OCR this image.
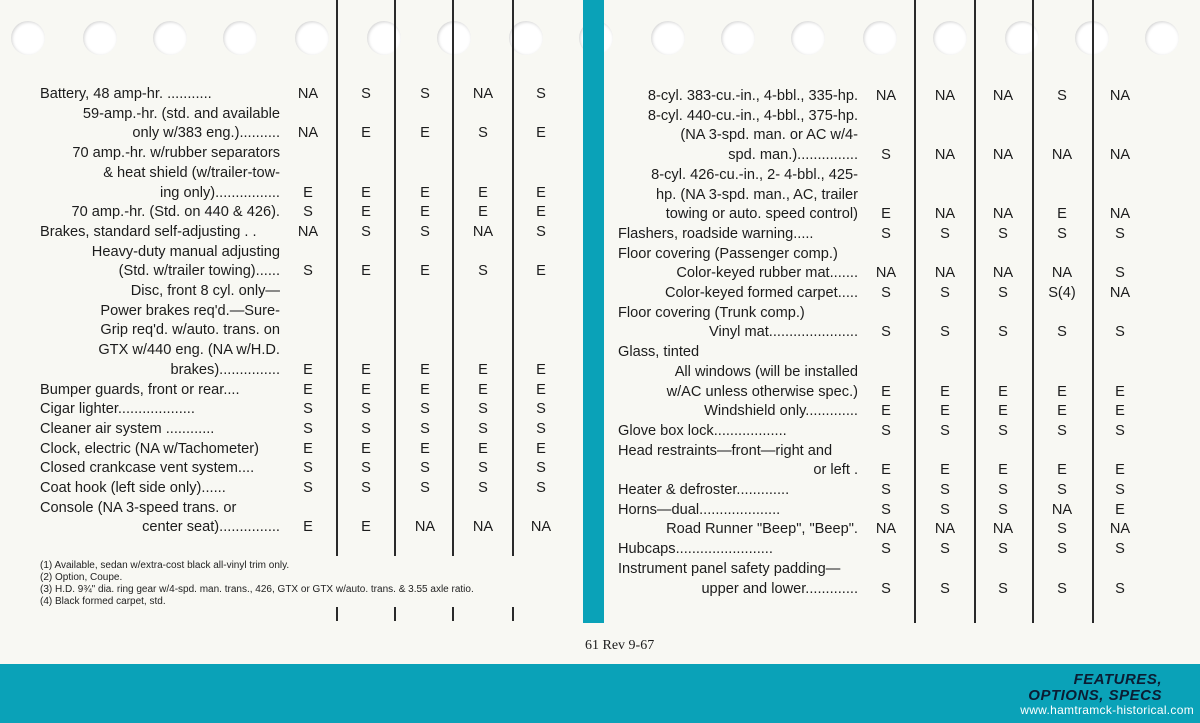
Battery, 48 amp-hr. ...........	NA	S	S	NA	S
59-amp.-hr. (std. and available
only w/383 eng.)..........	NA	E	E	S	E
70 amp.-hr. w/rubber separators
& heat shield (w/trailer-tow-
ing only)................	E	E	E	E	E
70 amp.-hr. (Std. on 440 & 426).	S	E	E	E	E
Brakes, standard self-adjusting . .	NA	S	S	NA	S
Heavy-duty manual adjusting
(Std. w/trailer towing)......	S	E	E	S	E
Disc, front 8 cyl. only—
Power brakes req'd.—Sure-
Grip req'd. w/auto. trans. on
GTX w/440 eng. (NA w/H.D.
brakes)...............	E	E	E	E	E
Bumper guards, front or rear....	E	E	E	E	E
Cigar lighter...................	S	S	S	S	S
Cleaner air system ............	S	S	S	S	S
Clock, electric (NA w/Tachometer)	E	E	E	E	E
Closed crankcase vent system....	S	S	S	S	S
Coat hook (left side only)......	S	S	S	S	S
Console (NA 3-speed trans. or
center seat)...............	E	E	NA	NA	NA
8-cyl. 383-cu.-in., 4-bbl., 335-hp.	NA	NA	NA	S	NA
8-cyl. 440-cu.-in., 4-bbl., 375-hp.
(NA 3-spd. man. or AC w/4-
spd. man.)...............	S	NA	NA	NA	NA
8-cyl. 426-cu.-in., 2- 4-bbl., 425-
hp. (NA 3-spd. man., AC, trailer
towing or auto. speed control)	E	NA	NA	E	NA
Flashers, roadside warning.....	S	S	S	S	S
Floor covering (Passenger comp.)
Color-keyed rubber mat.......	NA	NA	NA	NA	S
Color-keyed formed carpet.....	S	S	S	S(4)	NA
Floor covering (Trunk comp.)
Vinyl mat......................	S	S	S	S	S
Glass, tinted
All windows (will be installed
w/AC unless otherwise spec.)	E	E	E	E	E
Windshield only.............	E	E	E	E	E
Glove box lock..................	S	S	S	S	S
Head restraints—front—right and
or left .	E	E	E	E	E
Heater & defroster.............	S	S	S	S	S
Horns—dual....................	S	S	S	NA	E
Road Runner "Beep", "Beep".	NA	NA	NA	S	NA
Hubcaps........................	S	S	S	S	S
Instrument panel safety padding—
upper and lower.............	S	S	S	S	S
(1) Available, sedan w/extra-cost black all-vinyl trim only.
(2) Option, Coupe.
(3) H.D. 9¾" dia. ring gear w/4-spd. man. trans., 426, GTX or GTX w/auto. trans. & 3.55 axle ratio.
(4) Black formed carpet, std.
61 Rev 9-67
FEATURES,
OPTIONS, SPECS
www.hamtramck-historical.com
